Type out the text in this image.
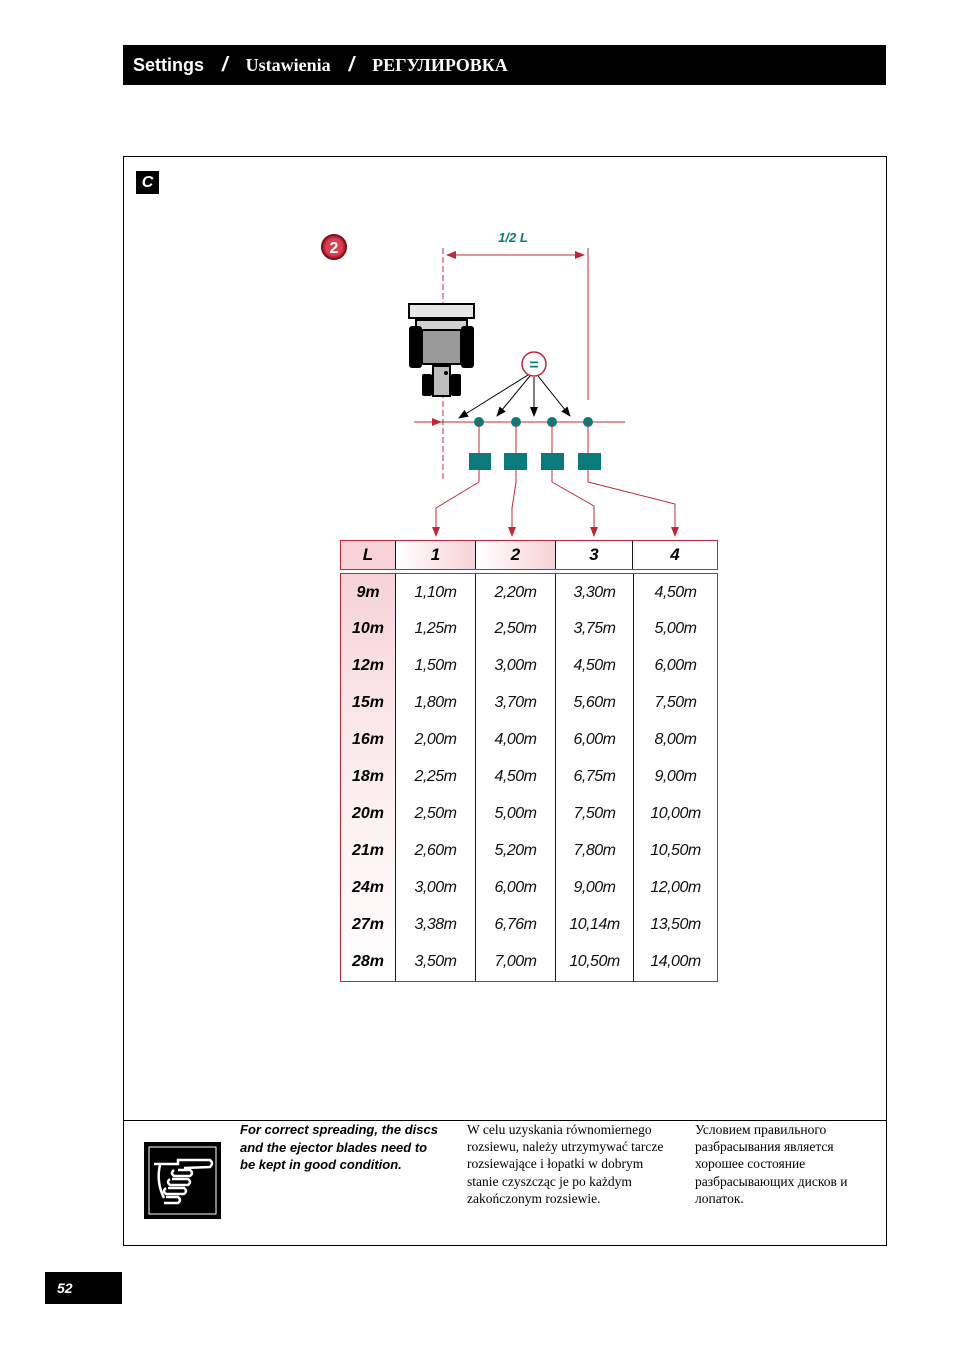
Settings / Ustawienia / РЕГУЛИРОВКА
C
2
1/2 L
=
L	1	2	3	4
9m	1,10m	2,20m	3,30m	4,50m
10m	1,25m	2,50m	3,75m	5,00m
12m	1,50m	3,00m	4,50m	6,00m
15m	1,80m	3,70m	5,60m	7,50m
16m	2,00m	4,00m	6,00m	8,00m
18m	2,25m	4,50m	6,75m	9,00m
20m	2,50m	5,00m	7,50m	10,00m
21m	2,60m	5,20m	7,80m	10,50m
24m	3,00m	6,00m	9,00m	12,00m
27m	3,38m	6,76m	10,14m	13,50m
28m	3,50m	7,00m	10,50m	14,00m
For correct spreading, the discs and the ejector blades need to be kept in good condition.
W celu uzyskania równomiernego rozsiewu, należy utrzymywać tarcze rozsiewające i łopatki w dobrym stanie czyszcząc je po każdym zakończonym rozsiewie.
Условием правильного разбрасывания является хорошее состояние разбрасывающих дисков и лопаток.
52
